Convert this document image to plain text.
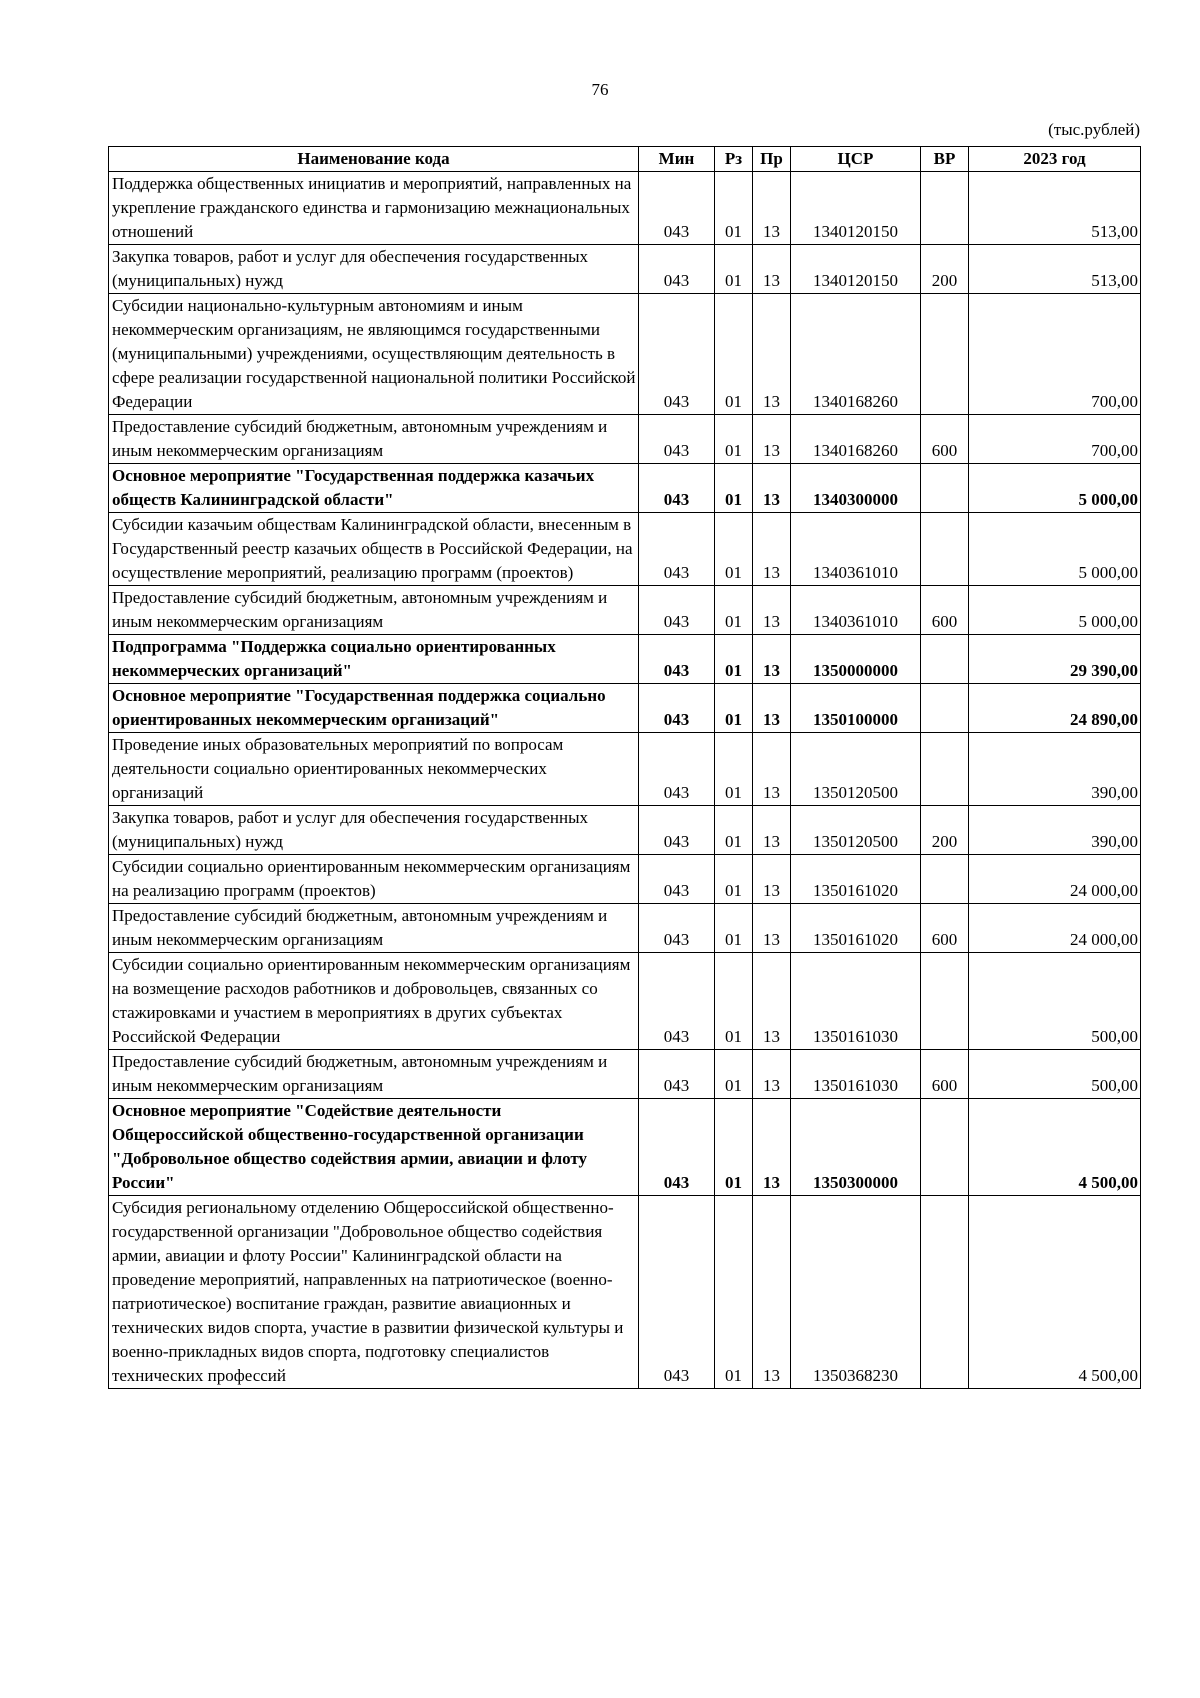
76
(тыс.рублей)
Наименование кода	Мин	Рз	Пр	ЦСР	ВР	2023 год
Поддержка общественных инициатив и мероприятий, направленных на укрепление гражданского единства и гармонизацию межнациональных отношений	043	01	13	1340120150		513,00
Закупка товаров, работ и услуг для обеспечения государственных (муниципальных) нужд	043	01	13	1340120150	200	513,00
Субсидии национально-культурным автономиям и иным некоммерческим организациям, не являющимся государственными (муниципальными) учреждениями, осуществляющим деятельность в сфере реализации государственной национальной политики Российской Федерации	043	01	13	1340168260		700,00
Предоставление субсидий бюджетным, автономным учреждениям и иным некоммерческим организациям	043	01	13	1340168260	600	700,00
Основное мероприятие "Государственная поддержка казачьих обществ Калининградской области"	043	01	13	1340300000		5 000,00
Субсидии казачьим обществам Калининградской области, внесенным в Государственный реестр казачьих обществ в Российской Федерации, на осуществление мероприятий, реализацию программ (проектов)	043	01	13	1340361010		5 000,00
Предоставление субсидий бюджетным, автономным учреждениям и иным некоммерческим организациям	043	01	13	1340361010	600	5 000,00
Подпрограмма "Поддержка социально ориентированных некоммерческих организаций"	043	01	13	1350000000		29 390,00
Основное мероприятие "Государственная поддержка социально ориентированных некоммерческим организаций"	043	01	13	1350100000		24 890,00
Проведение иных образовательных мероприятий по вопросам деятельности социально ориентированных некоммерческих организаций	043	01	13	1350120500		390,00
Закупка товаров, работ и услуг для обеспечения государственных (муниципальных) нужд	043	01	13	1350120500	200	390,00
Субсидии социально ориентированным некоммерческим организациям на реализацию программ (проектов)	043	01	13	1350161020		24 000,00
Предоставление субсидий бюджетным, автономным учреждениям и иным некоммерческим организациям	043	01	13	1350161020	600	24 000,00
Субсидии социально ориентированным некоммерческим организациям на возмещение расходов работников и добровольцев, связанных со стажировками и участием в мероприятиях в других субъектах Российской Федерации	043	01	13	1350161030		500,00
Предоставление субсидий бюджетным, автономным учреждениям и иным некоммерческим организациям	043	01	13	1350161030	600	500,00
Основное мероприятие "Содействие деятельности Общероссийской общественно-государственной организации "Добровольное общество содействия армии, авиации и флоту России"	043	01	13	1350300000		4 500,00
Субсидия региональному отделению Общероссийской общественно-государственной организации "Добровольное общество содействия армии, авиации и флоту России" Калининградской области на проведение мероприятий, направленных на патриотическое (военно-патриотическое) воспитание граждан, развитие авиационных и технических видов спорта, участие в развитии физической культуры и военно-прикладных видов спорта, подготовку специалистов технических профессий	043	01	13	1350368230		4 500,00
